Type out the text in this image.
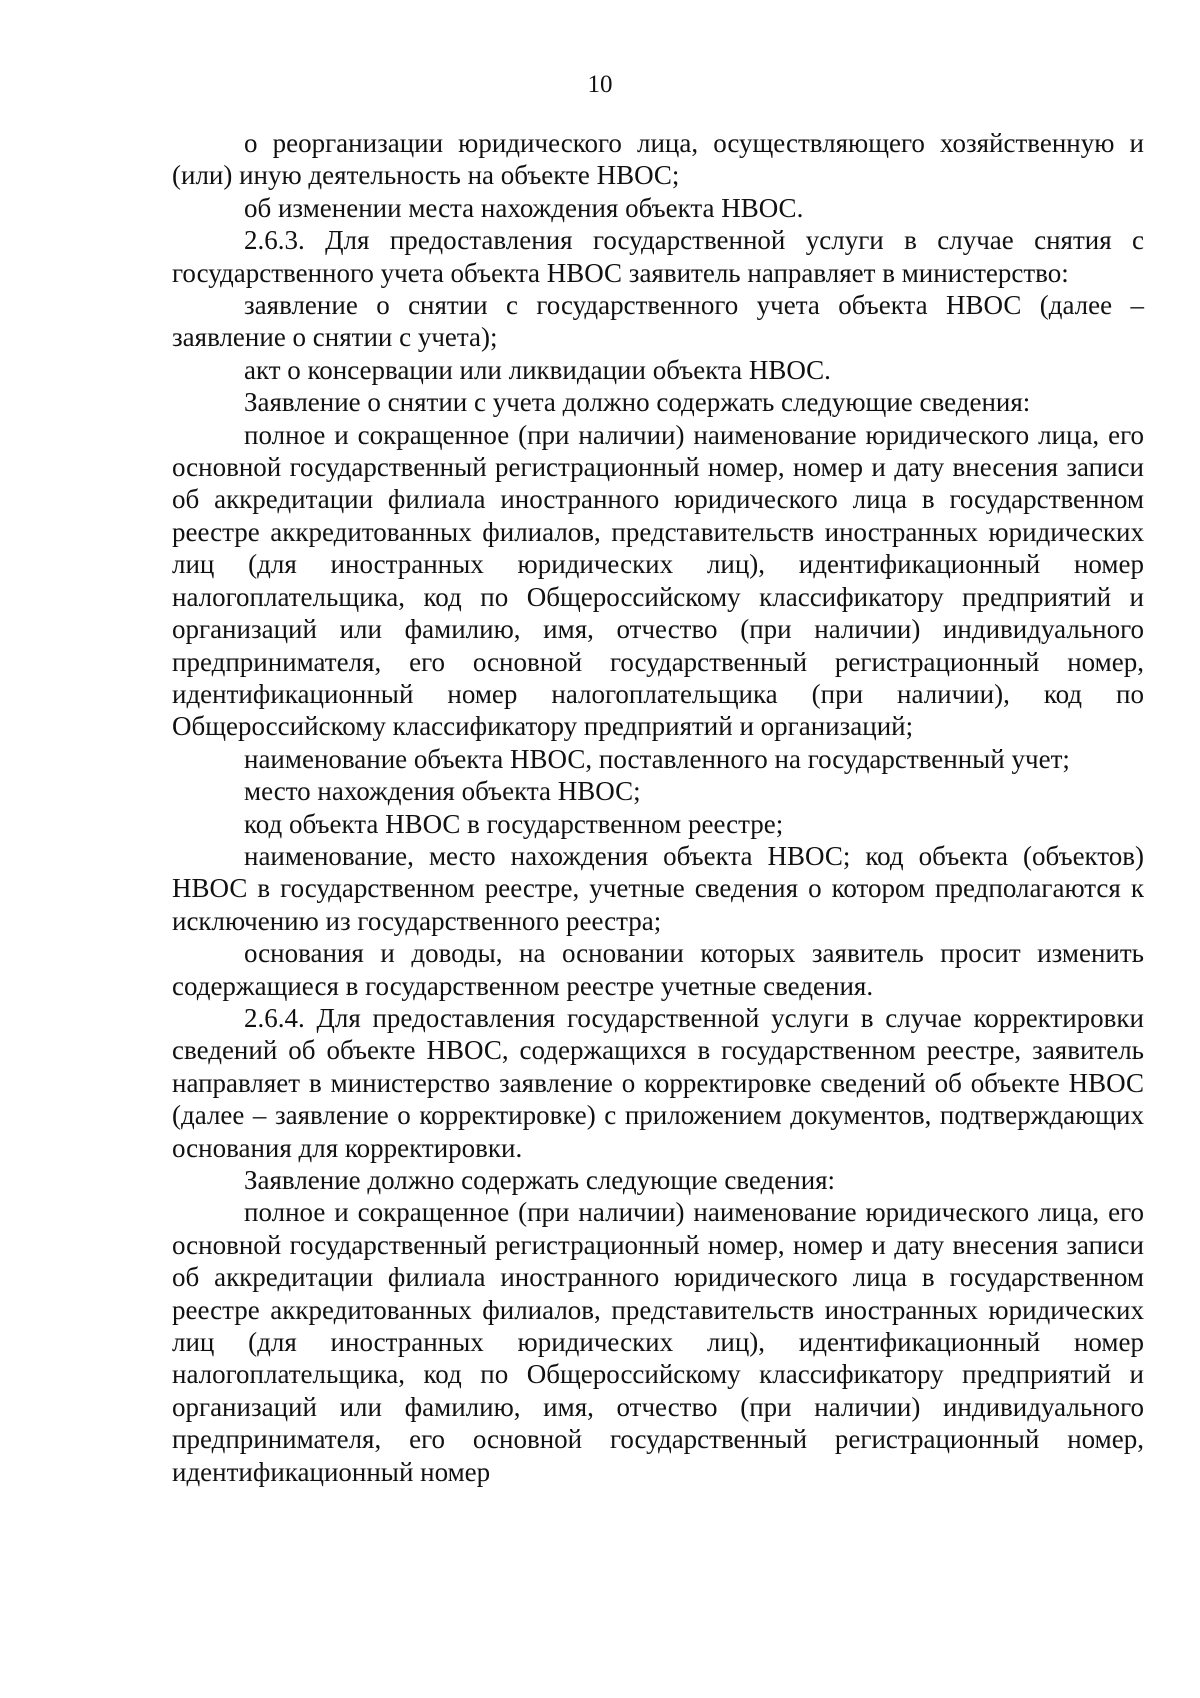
10

о реорганизации юридического лица, осуществляющего хозяйственную и (или) иную деятельность на объекте НВОС;

об изменении места нахождения объекта НВОС.

2.6.3. Для предоставления государственной услуги в случае снятия с государственного учета объекта НВОС заявитель направляет в министерство:

заявление о снятии с государственного учета объекта НВОС (далее – заявление о снятии с учета);

акт о консервации или ликвидации объекта НВОС.

Заявление о снятии с учета должно содержать следующие сведения:

полное и сокращенное (при наличии) наименование юридического лица, его основной государственный регистрационный номер, номер и дату внесения записи об аккредитации филиала иностранного юридического лица в государственном реестре аккредитованных филиалов, представительств иностранных юридических лиц (для иностранных юридических лиц), идентификационный номер налогоплательщика, код по Общероссийскому классификатору предприятий и организаций или фамилию, имя, отчество (при наличии) индивидуального предпринимателя, его основной государственный регистрационный номер, идентификационный номер налогоплательщика (при наличии), код по Общероссийскому классификатору предприятий и организаций;

наименование объекта НВОС, поставленного на государственный учет;

место нахождения объекта НВОС;

код объекта НВОС в государственном реестре;

наименование, место нахождения объекта НВОС; код объекта (объектов) НВОС в государственном реестре, учетные сведения о котором предполагаются к исключению из государственного реестра;

основания и доводы, на основании которых заявитель просит изменить содержащиеся в государственном реестре учетные сведения.

2.6.4. Для предоставления государственной услуги в случае корректировки сведений об объекте НВОС, содержащихся в государственном реестре, заявитель направляет в министерство заявление о корректировке сведений об объекте НВОС (далее – заявление о корректировке) с приложением документов, подтверждающих основания для корректировки.

Заявление должно содержать следующие сведения:

полное и сокращенное (при наличии) наименование юридического лица, его основной государственный регистрационный номер, номер и дату внесения записи об аккредитации филиала иностранного юридического лица в государственном реестре аккредитованных филиалов, представительств иностранных юридических лиц (для иностранных юридических лиц), идентификационный номер налогоплательщика, код по Общероссийскому классификатору предприятий и организаций или фамилию, имя, отчество (при наличии) индивидуального предпринимателя, его основной государственный регистрационный номер, идентификационный номер
